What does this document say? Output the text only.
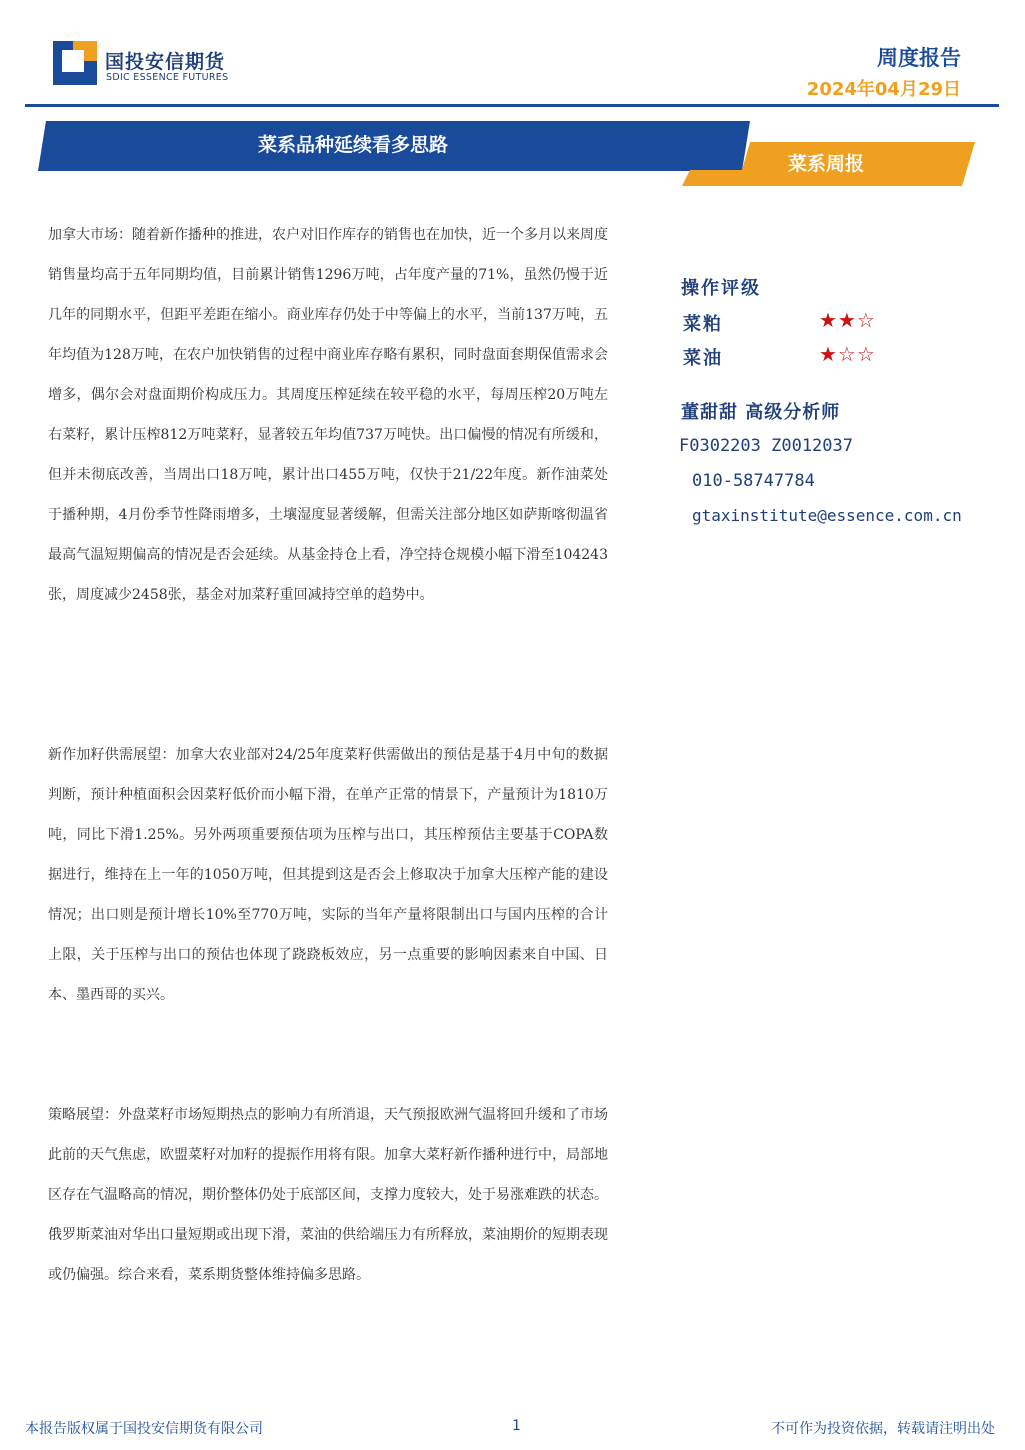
国投安信期货
SDIC ESSENCE FUTURES
周度报告
2024年04月29日
菜系品种延续看多思路
菜系周报

加拿大市场：随着新作播种的推进，农户对旧作库存的销售也在加快，近一个多月以来周度销售量均高于五年同期均值，目前累计销售1296万吨，占年度产量的71%，虽然仍慢于近几年的同期水平，但距平差距在缩小。商业库存仍处于中等偏上的水平，当前137万吨，五年均值为128万吨，在农户加快销售的过程中商业库存略有累积，同时盘面套期保值需求会增多，偶尔会对盘面期价构成压力。其周度压榨延续在较平稳的水平，每周压榨20万吨左右菜籽，累计压榨812万吨菜籽，显著较五年均值737万吨快。出口偏慢的情况有所缓和，但并未彻底改善，当周出口18万吨，累计出口455万吨，仅快于21/22年度。新作油菜处于播种期，4月份季节性降雨增多，土壤湿度显著缓解，但需关注部分地区如萨斯喀彻温省最高气温短期偏高的情况是否会延续。从基金持仓上看，净空持仓规模小幅下滑至104243张，周度减少2458张，基金对加菜籽重回减持空单的趋势中。

新作加籽供需展望：加拿大农业部对24/25年度菜籽供需做出的预估是基于4月中旬的数据判断，预计种植面积会因菜籽低价而小幅下滑，在单产正常的情景下，产量预计为1810万吨，同比下滑1.25%。另外两项重要预估项为压榨与出口，其压榨预估主要基于COPA数据进行，维持在上一年的1050万吨，但其提到这是否会上修取决于加拿大压榨产能的建设情况；出口则是预计增长10%至770万吨，实际的当年产量将限制出口与国内压榨的合计上限，关于压榨与出口的预估也体现了跷跷板效应，另一点重要的影响因素来自中国、日本、墨西哥的买兴。

策略展望：外盘菜籽市场短期热点的影响力有所消退，天气预报欧洲气温将回升缓和了市场此前的天气焦虑，欧盟菜籽对加籽的提振作用将有限。加拿大菜籽新作播种进行中，局部地区存在气温略高的情况，期价整体仍处于底部区间，支撑力度较大，处于易涨难跌的状态。俄罗斯菜油对华出口量短期或出现下滑，菜油的供给端压力有所释放，菜油期价的短期表现或仍偏强。综合来看，菜系期货整体维持偏多思路。

操作评级
菜粕	★★☆
菜油	★☆☆
董甜甜 高级分析师
F0302203 Z0012037
010-58747784
gtaxinstitute@essence.com.cn
本报告版权属于国投安信期货有限公司	1	不可作为投资依据，转载请注明出处
